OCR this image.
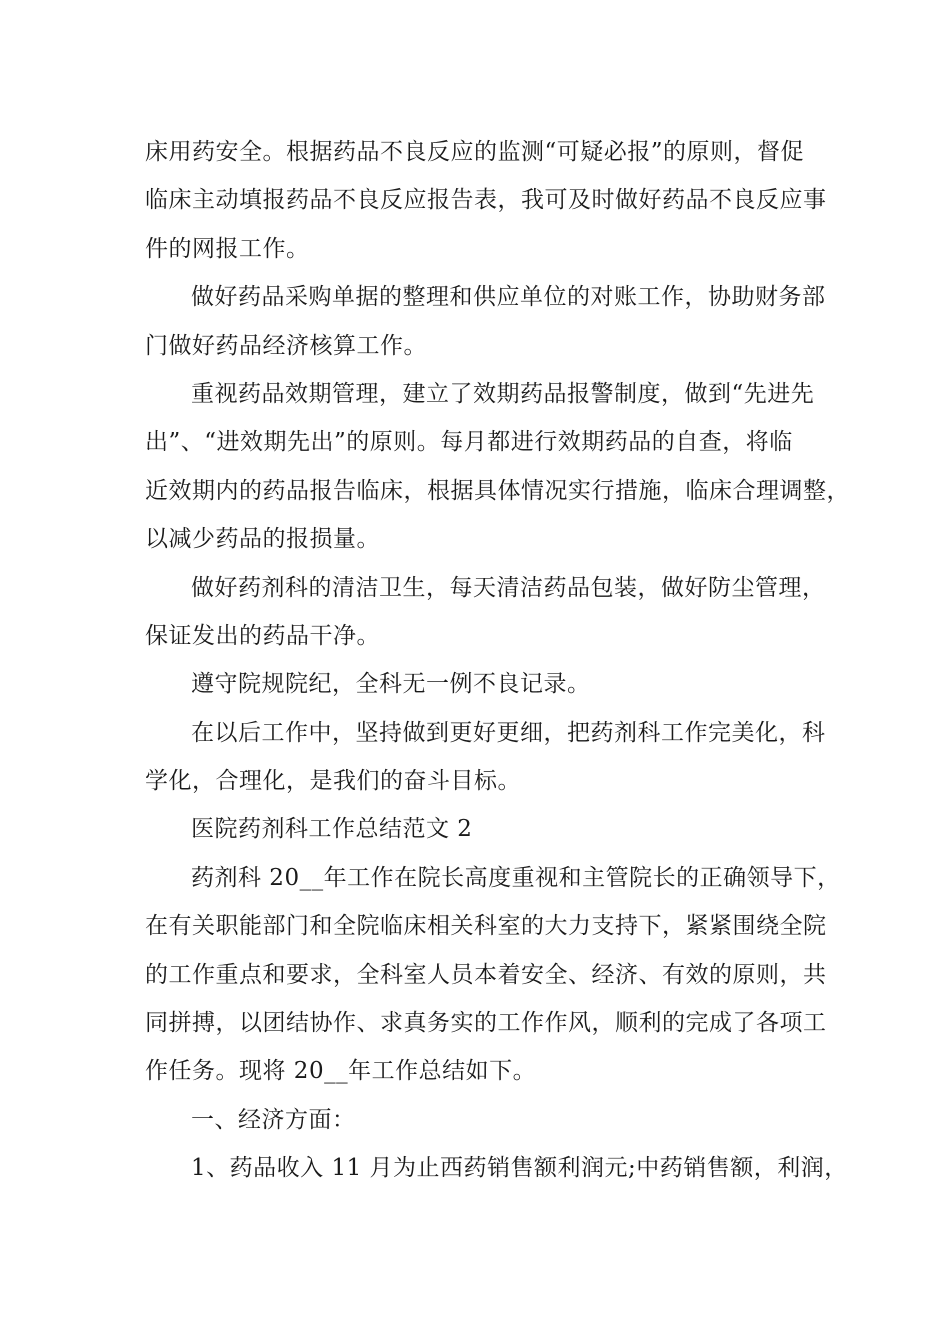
床用药安全。根据药品不良反应的监测“可疑必报”的原则，督促
临床主动填报药品不良反应报告表，我可及时做好药品不良反应事
件的网报工作。
做好药品采购单据的整理和供应单位的对账工作，协助财务部
门做好药品经济核算工作。
重视药品效期管理，建立了效期药品报警制度，做到“先进先
出”、“进效期先出”的原则。每月都进行效期药品的自查，将临
近效期内的药品报告临床，根据具体情况实行措施，临床合理调整，
以减少药品的报损量。
做好药剂科的清洁卫生，每天清洁药品包装，做好防尘管理，
保证发出的药品干净。
遵守院规院纪，全科无一例不良记录。
在以后工作中，坚持做到更好更细，把药剂科工作完美化，科
学化，合理化，是我们的奋斗目标。
医院药剂科工作总结范文 2
药剂科 20__年工作在院长高度重视和主管院长的正确领导下，
在有关职能部门和全院临床相关科室的大力支持下，紧紧围绕全院
的工作重点和要求，全科室人员本着安全、经济、有效的原则，共
同拼搏，以团结协作、求真务实的工作作风，顺利的完成了各项工
作任务。现将 20__年工作总结如下。
一、经济方面：
1、药品收入 11 月为止西药销售额利润元;中药销售额，利润，
